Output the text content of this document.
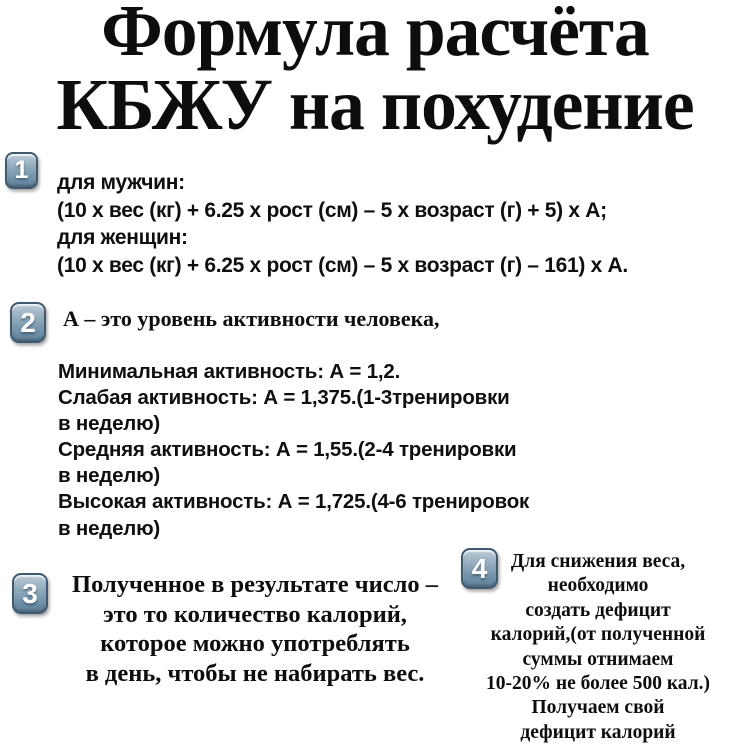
Формула расчёта
КБЖУ на похудение
1 для мужчин:
(10 х вес (кг) + 6.25 х рост (см) – 5 х возраст (г) + 5) х А;
для женщин:
(10 х вес (кг) + 6.25 х рост (см) – 5 х возраст (г) – 161) х А.
2 А – это уровень активности человека,
Минимальная активность: А = 1,2.
Слабая активность: А = 1,375.(1-3тренировки
в неделю)
Средняя активность: А = 1,55.(2-4 тренировки
в неделю)
Высокая активность: А = 1,725.(4-6 тренировок
в неделю)
3	Полученное в результате число –
это то количество калорий,
которое можно употреблять
в день, чтобы не набирать вес.
4	Для снижения веса,
необходимо
создать дефицит
калорий,(от полученной
суммы отнимаем
10-20% не более 500 кал.)
Получаем свой
дефицит калорий
